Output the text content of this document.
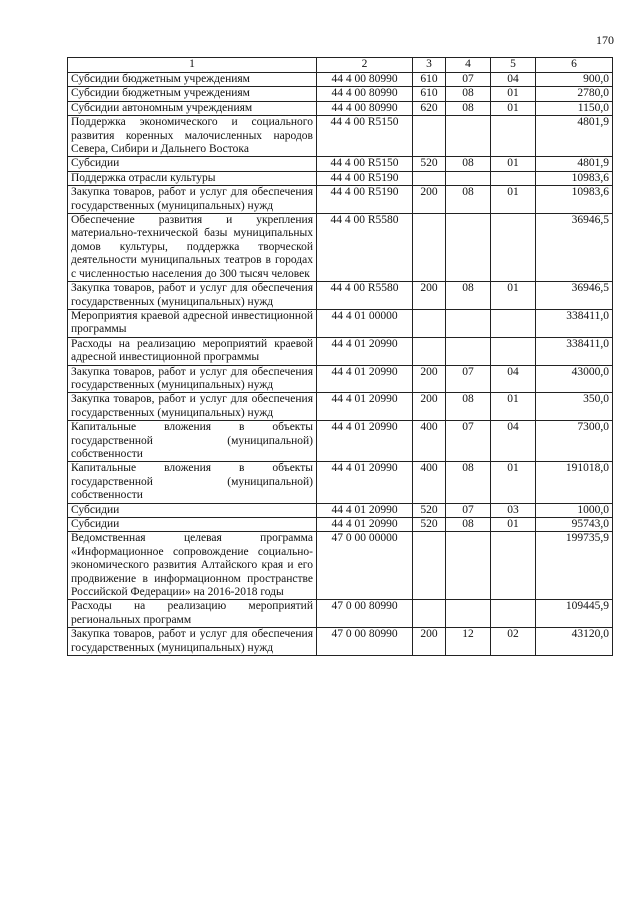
170
1	2	3	4	5	6
Субсидии бюджетным учреждениям	44 4 00 80990	610	07	04	900,0
Субсидии бюджетным учреждениям	44 4 00 80990	610	08	01	2780,0
Субсидии автономным учреждениям	44 4 00 80990	620	08	01	1150,0
Поддержка экономического и социального развития коренных малочисленных народов Севера, Сибири и Дальнего Востока	44 4 00 R5150				4801,9
Субсидии	44 4 00 R5150	520	08	01	4801,9
Поддержка отрасли культуры	44 4 00 R5190				10983,6
Закупка товаров, работ и услуг для обеспечения государственных (муниципальных) нужд	44 4 00 R5190	200	08	01	10983,6
Обеспечение развития и укрепления материально-технической базы муниципальных домов культуры, поддержка творческой деятельности муниципальных театров в городах с численностью населения до 300 тысяч человек	44 4 00 R5580				36946,5
Закупка товаров, работ и услуг для обеспечения государственных (муниципальных) нужд	44 4 00 R5580	200	08	01	36946,5
Мероприятия краевой адресной инвестиционной программы	44 4 01 00000				338411,0
Расходы на реализацию мероприятий краевой адресной инвестиционной программы	44 4 01 20990				338411,0
Закупка товаров, работ и услуг для обеспечения государственных (муниципальных) нужд	44 4 01 20990	200	07	04	43000,0
Закупка товаров, работ и услуг для обеспечения государственных (муниципальных) нужд	44 4 01 20990	200	08	01	350,0
Капитальные вложения в объекты государственной (муниципальной) собственности	44 4 01 20990	400	07	04	7300,0
Капитальные вложения в объекты государственной (муниципальной) собственности	44 4 01 20990	400	08	01	191018,0
Субсидии	44 4 01 20990	520	07	03	1000,0
Субсидии	44 4 01 20990	520	08	01	95743,0
Ведомственная целевая программа «Информационное сопровождение социально-экономического развития Алтайского края и его продвижение в информационном пространстве Российской Федерации» на 2016-2018 годы	47 0 00 00000				199735,9
Расходы на реализацию мероприятий региональных программ	47 0 00 80990				109445,9
Закупка товаров, работ и услуг для обеспечения государственных (муниципальных) нужд	47 0 00 80990	200	12	02	43120,0
